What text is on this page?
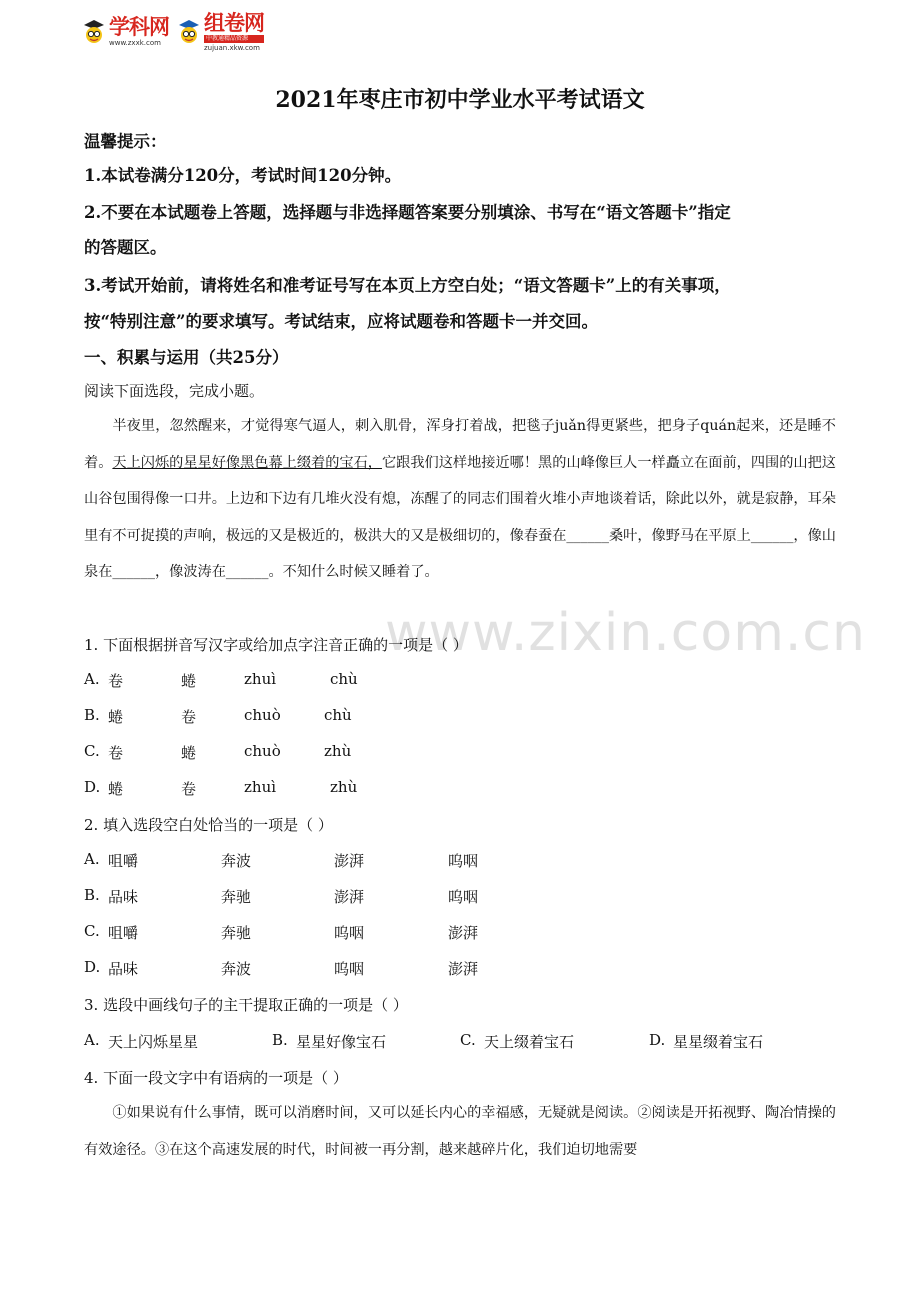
学科网
www.zxxk.com
组卷网
中教通精品资源
zujuan.xkw.com
2021年枣庄市初中学业水平考试语文
温馨提示：
1.本试卷满分120分，考试时间120分钟。
2.不要在本试题卷上答题，选择题与非选择题答案要分别填涂、书写在“语文答题卡”指定
的答题区。
3.考试开始前，请将姓名和准考证号写在本页上方空白处；“语文答题卡”上的有关事项，
按“特别注意”的要求填写。考试结束，应将试题卷和答题卡一并交回。
一、积累与运用（共25分）
阅读下面选段，完成小题。

半夜里，忽然醒来，才觉得寒气逼人，刺入肌骨，浑身打着战，把毯子juǎn得更紧些，把身子quán起来，还是睡不着。天上闪烁的星星好像黑色幕上缀着的宝石，它跟我们这样地接近哪！黑的山峰像巨人一样矗立在面前，四围的山把这山谷包围得像一口井。上边和下边有几堆火没有熄，冻醒了的同志们围着火堆小声地谈着话，除此以外，就是寂静，耳朵里有不可捉摸的声响，极远的又是极近的，极洪大的又是极细切的，像春蚕在______桑叶，像野马在平原上______，像山泉在______，像波涛在______。不知什么时候又睡着了。

www.zixin.com.cn
1. 下面根据拼音写汉字或给加点字注音正确的一项是（ ）
A. 卷	蜷	zhuì	chù
B. 蜷	卷	chuò	chù
C. 卷	蜷	chuò	zhù
D. 蜷	卷	zhuì	zhù
2. 填入选段空白处恰当的一项是（ ）
A. 咀嚼	奔波	澎湃	呜咽
B. 品味	奔驰	澎湃	呜咽
C. 咀嚼	奔驰	呜咽	澎湃
D. 品味	奔波	呜咽	澎湃
3. 选段中画线句子的主干提取正确的一项是（ ）
A. 天上闪烁星星	B. 星星好像宝石	C. 天上缀着宝石	D. 星星缀着宝石
4. 下面一段文字中有语病的一项是（ ）

①如果说有什么事情，既可以消磨时间，又可以延长内心的幸福感，无疑就是阅读。②阅读是开拓视野、陶冶情操的有效途径。③在这个高速发展的时代，时间被一再分割，越来越碎片化，我们迫切地需要
